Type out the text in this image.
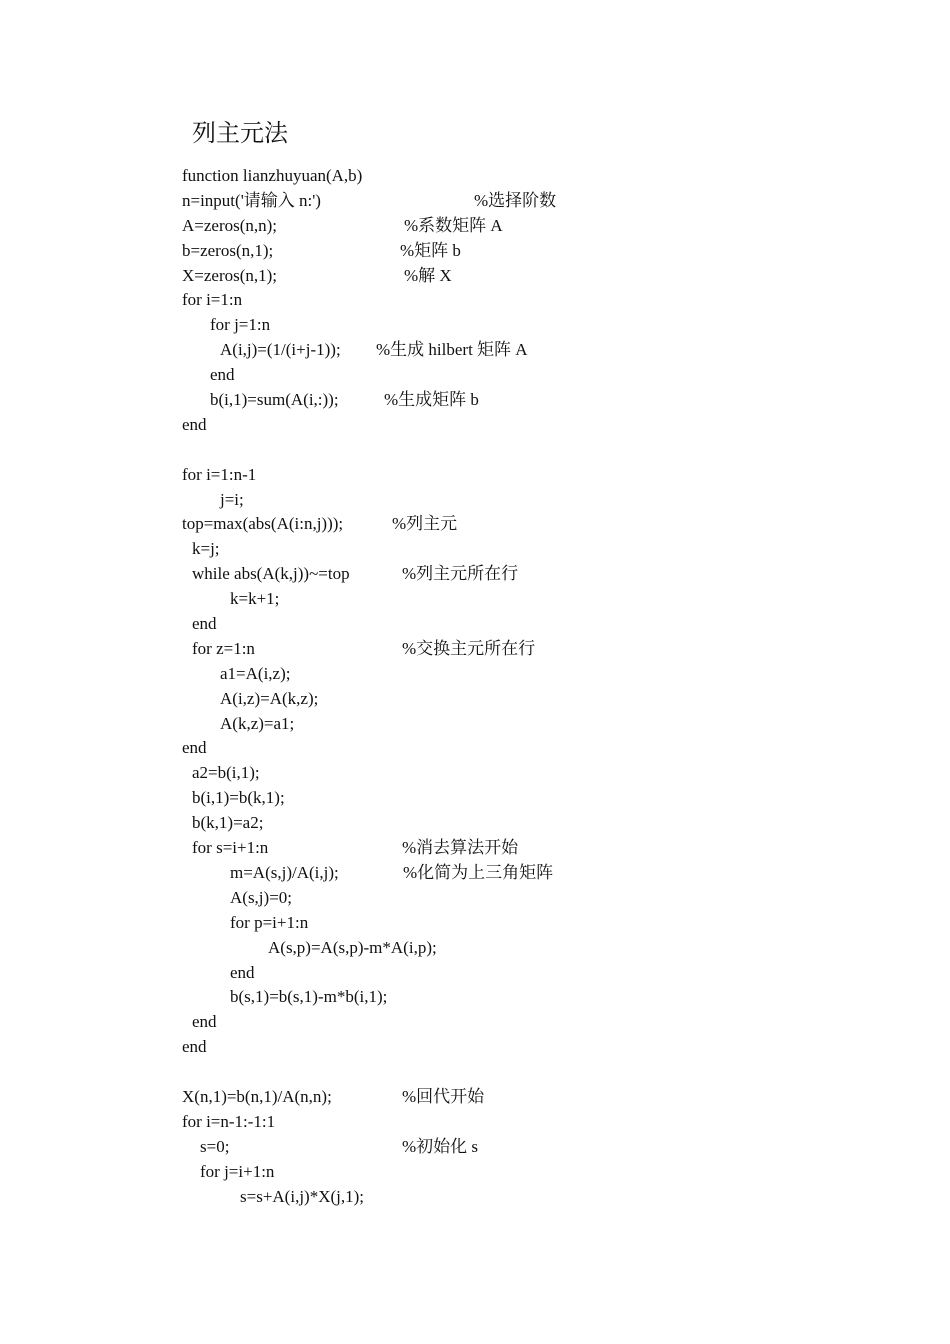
列主元法
function lianzhuyuan(A,b)
n=input('请输入 n:')	%选择阶数
A=zeros(n,n);	%系数矩阵 A
b=zeros(n,1);	%矩阵 b
X=zeros(n,1);	%解 X
for i=1:n
for j=1:n
A(i,j)=(1/(i+j-1)); %生成 hilbert 矩阵 A
end
b(i,1)=sum(A(i,:));	%生成矩阵 b
end
for i=1:n-1
j=i;
top=max(abs(A(i:n,j)));	%列主元
k=j;
while abs(A(k,j))~=top	%列主元所在行
k=k+1;
end
for z=1:n	%交换主元所在行
a1=A(i,z);
A(i,z)=A(k,z);
A(k,z)=a1;
end
a2=b(i,1);
b(i,1)=b(k,1);
b(k,1)=a2;
for s=i+1:n	%消去算法开始
m=A(s,j)/A(i,j);	%化简为上三角矩阵
A(s,j)=0;
for p=i+1:n
A(s,p)=A(s,p)-m*A(i,p);
end
b(s,1)=b(s,1)-m*b(i,1);
end
end
X(n,1)=b(n,1)/A(n,n);	%回代开始
for i=n-1:-1:1
s=0;	%初始化 s
for j=i+1:n
s=s+A(i,j)*X(j,1);
